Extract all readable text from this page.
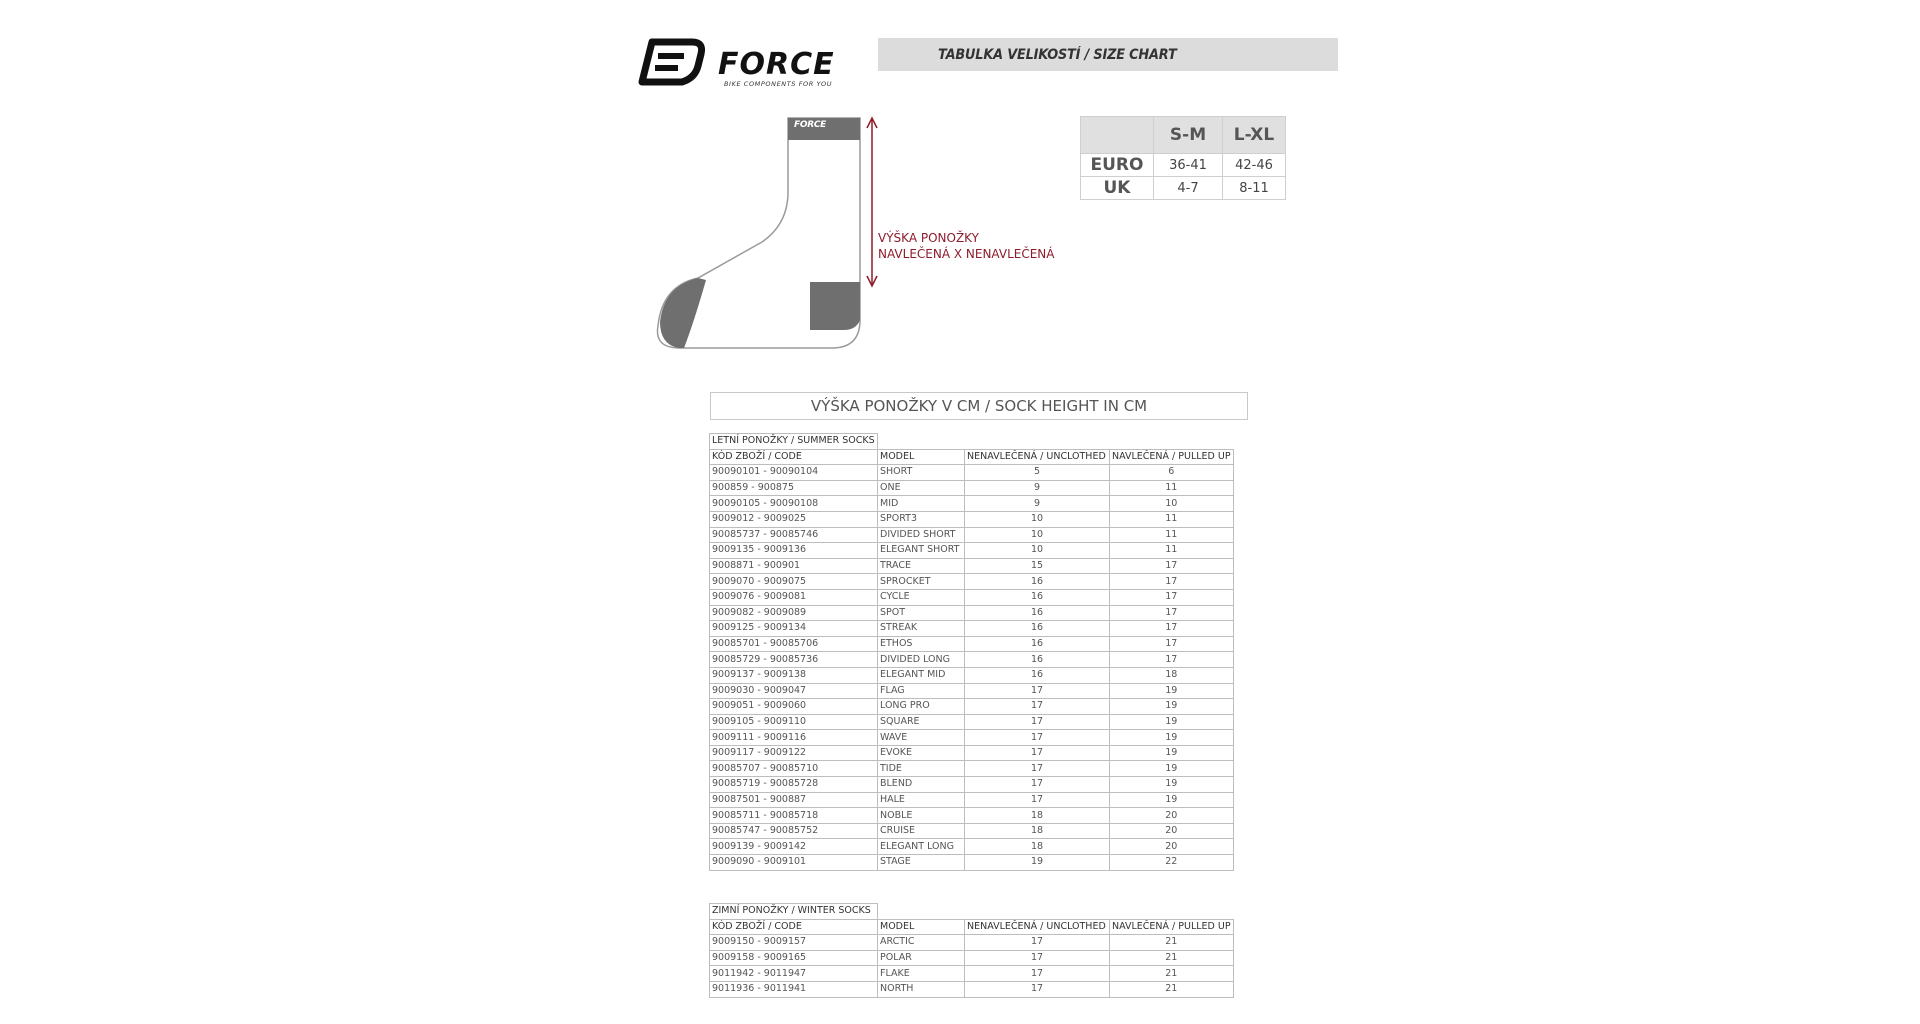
FORCE
BIKE COMPONENTS FOR YOU
TABULKA VELIKOSTÍ / SIZE CHART
FORCE
VÝŠKA PONOŽKY
NAVLEČENÁ X NENAVLEČENÁ
	S-M	L-XL
EURO	36-41	42-46
UK	4-7	8-11
VÝŠKA PONOŽKY V CM / SOCK HEIGHT IN CM
LETNÍ PONOŽKY / SUMMER SOCKS			
KÓD ZBOŽÍ / CODE	MODEL	NENAVLEČENÁ / UNCLOTHED	NAVLEČENÁ / PULLED UP
90090101 - 90090104	SHORT	5	6
900859 - 900875	ONE	9	11
90090105 - 90090108	MID	9	10
9009012 - 9009025	SPORT3	10	11
90085737 - 90085746	DIVIDED SHORT	10	11
9009135 - 9009136	ELEGANT SHORT	10	11
9008871 - 900901	TRACE	15	17
9009070 - 9009075	SPROCKET	16	17
9009076 - 9009081	CYCLE	16	17
9009082 - 9009089	SPOT	16	17
9009125 - 9009134	STREAK	16	17
90085701 - 90085706	ETHOS	16	17
90085729 - 90085736	DIVIDED LONG	16	17
9009137 - 9009138	ELEGANT MID	16	18
9009030 - 9009047	FLAG	17	19
9009051 - 9009060	LONG PRO	17	19
9009105 - 9009110	SQUARE	17	19
9009111 - 9009116	WAVE	17	19
9009117 - 9009122	EVOKE	17	19
90085707 - 90085710	TIDE	17	19
90085719 - 90085728	BLEND	17	19
90087501 - 900887	HALE	17	19
90085711 - 90085718	NOBLE	18	20
90085747 - 90085752	CRUISE	18	20
9009139 - 9009142	ELEGANT LONG	18	20
9009090 - 9009101	STAGE	19	22
ZIMNÍ PONOŽKY / WINTER SOCKS			
KÓD ZBOŽÍ / CODE	MODEL	NENAVLEČENÁ / UNCLOTHED	NAVLEČENÁ / PULLED UP
9009150 - 9009157	ARCTIC	17	21
9009158 - 9009165	POLAR	17	21
9011942 - 9011947	FLAKE	17	21
9011936 - 9011941	NORTH	17	21
